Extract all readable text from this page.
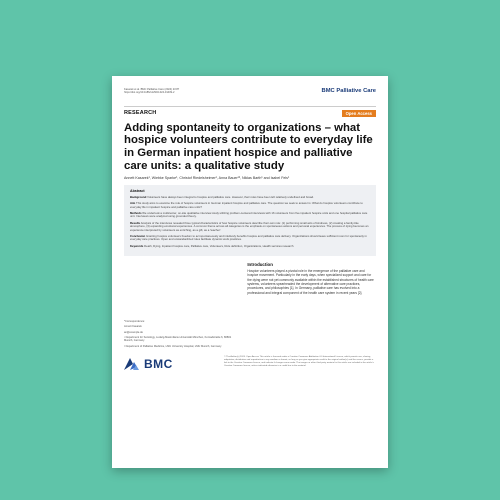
Kasarek et al. BMC Palliative Care (2024) 23:87
https://doi.org/10.1186/s12904-024-01409-2	BMC Palliative Care
RESEARCH	Open Access
Adding spontaneity to organizations – what hospice volunteers contribute to everyday life in German inpatient hospice and palliative care units: a qualitative study
Annett Kasarek¹, Wiebke Sparke¹, Christof Riedelsheimer¹, Anna Bauer¹², Niklas Barth¹ and Isabel Fels¹
Abstract

Background Volunteers have always been integral to hospice and palliative care. However, their roles have been left relatively undefined and broad.

Aim This study aims to examine the role of hospice volunteers in German inpatient hospice and palliative care. The question we seek to answer is: What do hospice volunteers contribute to everyday life in inpatient hospice and palliative care units?

Methods We undertook a multicenter, on-site qualitative interview study utilizing problem-centered interviews with 16 volunteers from five inpatient hospice units and one hospital palliative care unit. Interviews were analyzed using grounded theory.

Results Analysis of the interviews revealed three typical characteristics of how hospice volunteers describe their own role: (1) performing small acts of kindness, (2) creating a family-like atmosphere, (3) expanding emotional experiences. A common theme across all categories is the emphasis on spontaneous actions and personal experiences. The process of dying becomes an experience interpreted by volunteers as enriching, as a gift, as a 'teacher'.

Conclusion Granting hospice volunteers freedom to act spontaneously and intuitively benefits hospice and palliative care delivery. Organizations should leave sufficient room for spontaneity in everyday care practices. Open and unstandardized roles facilitate dynamic work practices.

Keywords Death, Dying, Inpatient hospice care, Palliative care, Volunteers, Role definition, Organizations, Health services research

*Correspondence:

Annett Kasarek

an@example.de

¹ Department for Sociology, Ludwig-Maximilians-Universität München, Konradstraße 6, 80801 Munich, Germany

² Department of Palliative Medicine, LMU University Hospital, LMU Munich, Germany

Introduction

Hospice volunteers played a pivotal role in the emergence of the palliative care and hospice movement. Particularly in the early days, when specialized support and care for the dying were not yet commonly available within the established structures of health care systems, volunteers spearheaded the development of alternative care practices, procedures, and philosophies [1]. In Germany, palliative care has evolved into a professional and integral component of the health care system in recent years [2].

BMC	© The Author(s) 2024. Open Access This article is licensed under a Creative Commons Attribution 4.0 International License, which permits use, sharing, adaptation, distribution and reproduction in any medium or format, as long as you give appropriate credit to the original author(s) and the source, provide a link to the Creative Commons licence, and indicate if changes were made. The images or other third party material in this article are included in the article's Creative Commons licence, unless indicated otherwise in a credit line to the material.
